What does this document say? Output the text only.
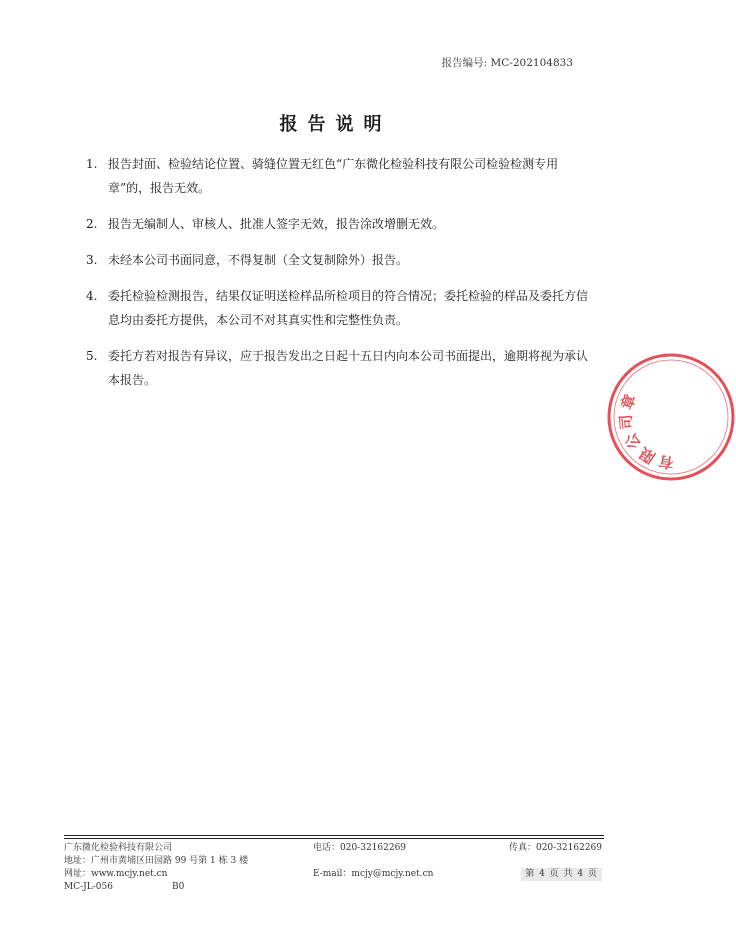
报告编号: MC-202104833
报告说明
1. 报告封面、检验结论位置、骑缝位置无红色“广东微化检验科技有限公司检验检测专用章”的，报告无效。
2. 报告无编制人、审核人、批准人签字无效，报告涂改增删无效。
3. 未经本公司书面同意，不得复制（全文复制除外）报告。
4. 委托检验检测报告，结果仅证明送检样品所检项目的符合情况；委托检验的样品及委托方信息均由委托方提供，本公司不对其真实性和完整性负责。
5. 委托方若对报告有异议，应于报告发出之日起十五日内向本公司书面提出，逾期将视为承认本报告。
有限公司章
广东微化检验科技有限公司	电话：020-32162269	传真：020-32162269
地址：广州市黄埔区田园路 99 号第 1 栋 3 楼
网址：www.mcjy.net.cn	E-mail：mcjy@mcjy.net.cn	第 4 页 共 4 页
MC-JL-056	B0
